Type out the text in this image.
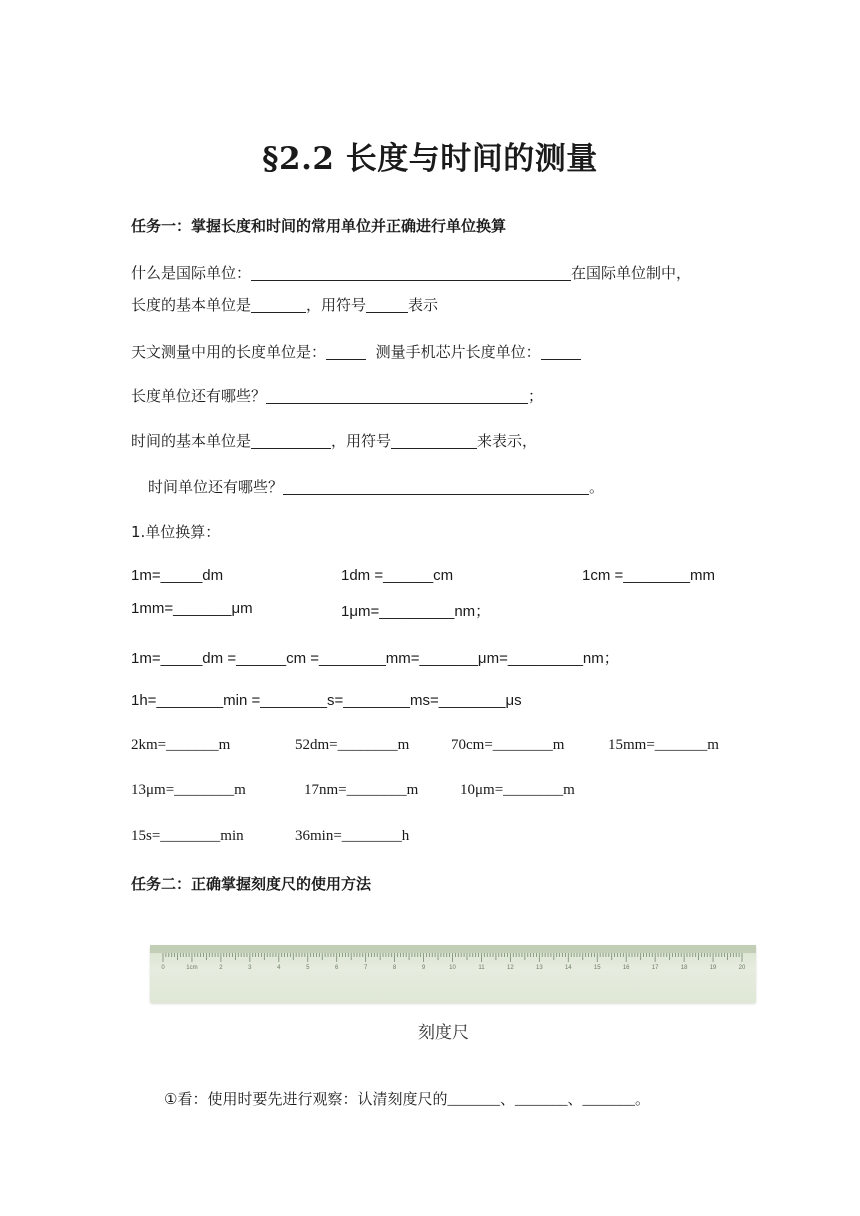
§2.2 长度与时间的测量
任务一：掌握长度和时间的常用单位并正确进行单位换算
什么是国际单位：	在国际单位制中，
长度的基本单位是	，用符号	表示
天文测量中用的长度单位是：	测量手机芯片长度单位：
长度单位还有哪些？	；
时间的基本单位是	，用符号	来表示，
时间单位还有哪些？	。
1.单位换算：
1m=_____dm	1dm =______cm	1cm =________mm
1mm=_______μm	1μm=_________nm；
1m=_____dm =______cm =________mm=_______μm=_________nm；
1h=________min =________s=________ms=________μs
2km=_______m	52dm=________m	70cm=________m	15mm=_______m
13μm=________m	17nm=________m	10μm=________m
15s=________min	36min=________h
任务二：正确掌握刻度尺的使用方法
0	1cm	2	3	4	5	6	7	8	9	10	11	12	13	14	15	16	17	18	19	20
刻度尺
①看：使用时要先进行观察：认清刻度尺的_______、_______、_______。
